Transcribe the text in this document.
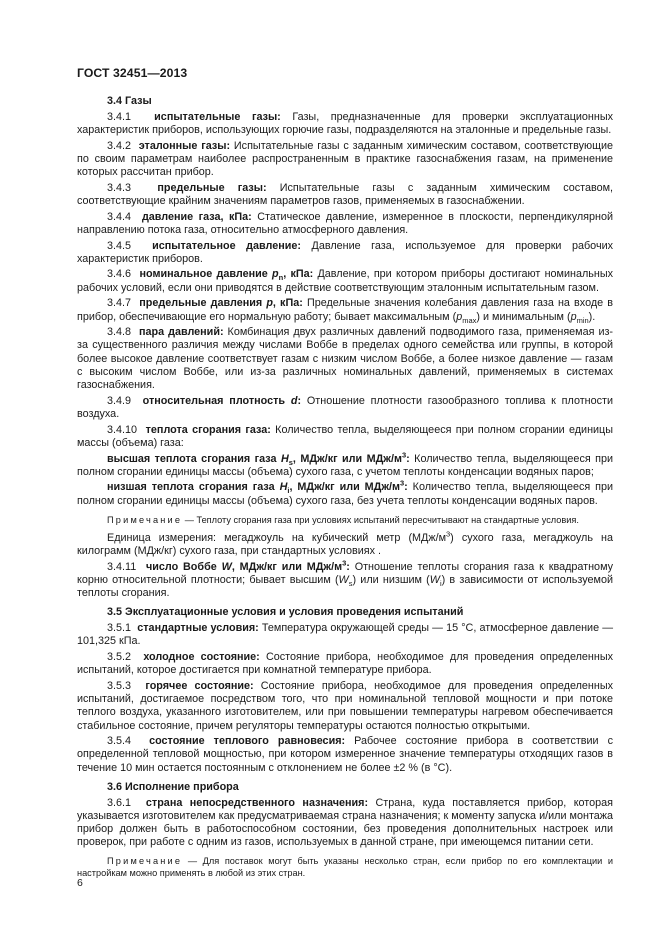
ГОСТ 32451—2013

3.4 Газы

3.4.1 испытательные газы: Газы, предназначенные для проверки эксплуатационных характеристик приборов, использующих горючие газы, подразделяются на эталонные и предельные газы.

3.4.2 эталонные газы: Испытательные газы с заданным химическим составом, соответствующие по своим параметрам наиболее распространенным в практике газоснабжения газам, на применение которых рассчитан прибор.

3.4.3 предельные газы: Испытательные газы с заданным химическим составом, соответствующие крайним значениям параметров газов, применяемых в газоснабжении.

3.4.4 давление газа, кПа: Статическое давление, измеренное в плоскости, перпендикулярной направлению потока газа, относительно атмосферного давления.

3.4.5 испытательное давление: Давление газа, используемое для проверки рабочих характеристик приборов.

3.4.6 номинальное давление $p_n$, кПа: Давление, при котором приборы достигают номинальных рабочих условий, если они приводятся в действие соответствующим эталонным испытательным газом.

3.4.7 предельные давления p, кПа: Предельные значения колебания давления газа на входе в прибор, обеспечивающие его нормальную работу; бывает максимальным $(p_{max})$ и минимальным $(p_{min})$.

3.4.8 пара давлений: Комбинация двух различных давлений подводимого газа, применяемая из-за существенного различия между числами Воббе в пределах одного семейства или группы, в которой более высокое давление соответствует газам с низким числом Воббе, а более низкое давление — газам с высоким числом Воббе, или из-за различных номинальных давлений, применяемых в системах газоснабжения.

3.4.9 относительная плотность d: Отношение плотности газообразного топлива к плотности воздуха.

3.4.10 теплота сгорания газа: Количество тепла, выделяющееся при полном сгорании единицы массы (объема) газа:

высшая теплота сгорания газа $H_s$, МДж/кг или МДж/$м^3$: Количество тепла, выделяющееся при полном сгорании единицы массы (объема) сухого газа, с учетом теплоты конденсации водяных паров;

низшая теплота сгорания газа $H_i$, МДж/кг или МДж/$м^3$: Количество тепла, выделяющееся при полном сгорании единицы массы (объема) сухого газа, без учета теплоты конденсации водяных паров.

Примечание — Теплоту сгорания газа при условиях испытаний пересчитывают на стандартные условия.

Единица измерения: мегаджоуль на кубический метр $(МДж/м^3)$ сухого газа, мегаджоуль на килограмм (МДж/кг) сухого газа, при стандартных условиях .

3.4.11 число Воббе W, МДж/кг или МДж/$м^3$: Отношение теплоты сгорания газа к квадратному корню относительной плотности; бывает высшим $(W_s)$ или низшим $(W_i)$ в зависимости от используемой теплоты сгорания.

3.5 Эксплуатационные условия и условия проведения испытаний

3.5.1 стандартные условия: Температура окружающей среды — 15 °С, атмосферное давление — 101,325 кПа.

3.5.2 холодное состояние: Состояние прибора, необходимое для проведения определенных испытаний, которое достигается при комнатной температуре прибора.

3.5.3 горячее состояние: Состояние прибора, необходимое для проведения определенных испытаний, достигаемое посредством того, что при номинальной тепловой мощности и при потоке теплого воздуха, указанного изготовителем, или при повышении температуры нагревом обеспечивается стабильное состояние, причем регуляторы температуры остаются полностью открытыми.

3.5.4 состояние теплового равновесия: Рабочее состояние прибора в соответствии с определенной тепловой мощностью, при котором измеренное значение температуры отходящих газов в течение 10 мин остается постоянным с отклонением не более ±2 % (в °С).

3.6 Исполнение прибора

3.6.1 страна непосредственного назначения: Страна, куда поставляется прибор, которая указывается изготовителем как предусматриваемая страна назначения; к моменту запуска и/или монтажа прибор должен быть в работоспособном состоянии, без проведения дополнительных настроек или проверок, при работе с одним из газов, используемых в данной стране, при имеющемся питании сети.

Примечание — Для поставок могут быть указаны несколько стран, если прибор по его комплектации и настройкам можно применять в любой из этих стран.

6
